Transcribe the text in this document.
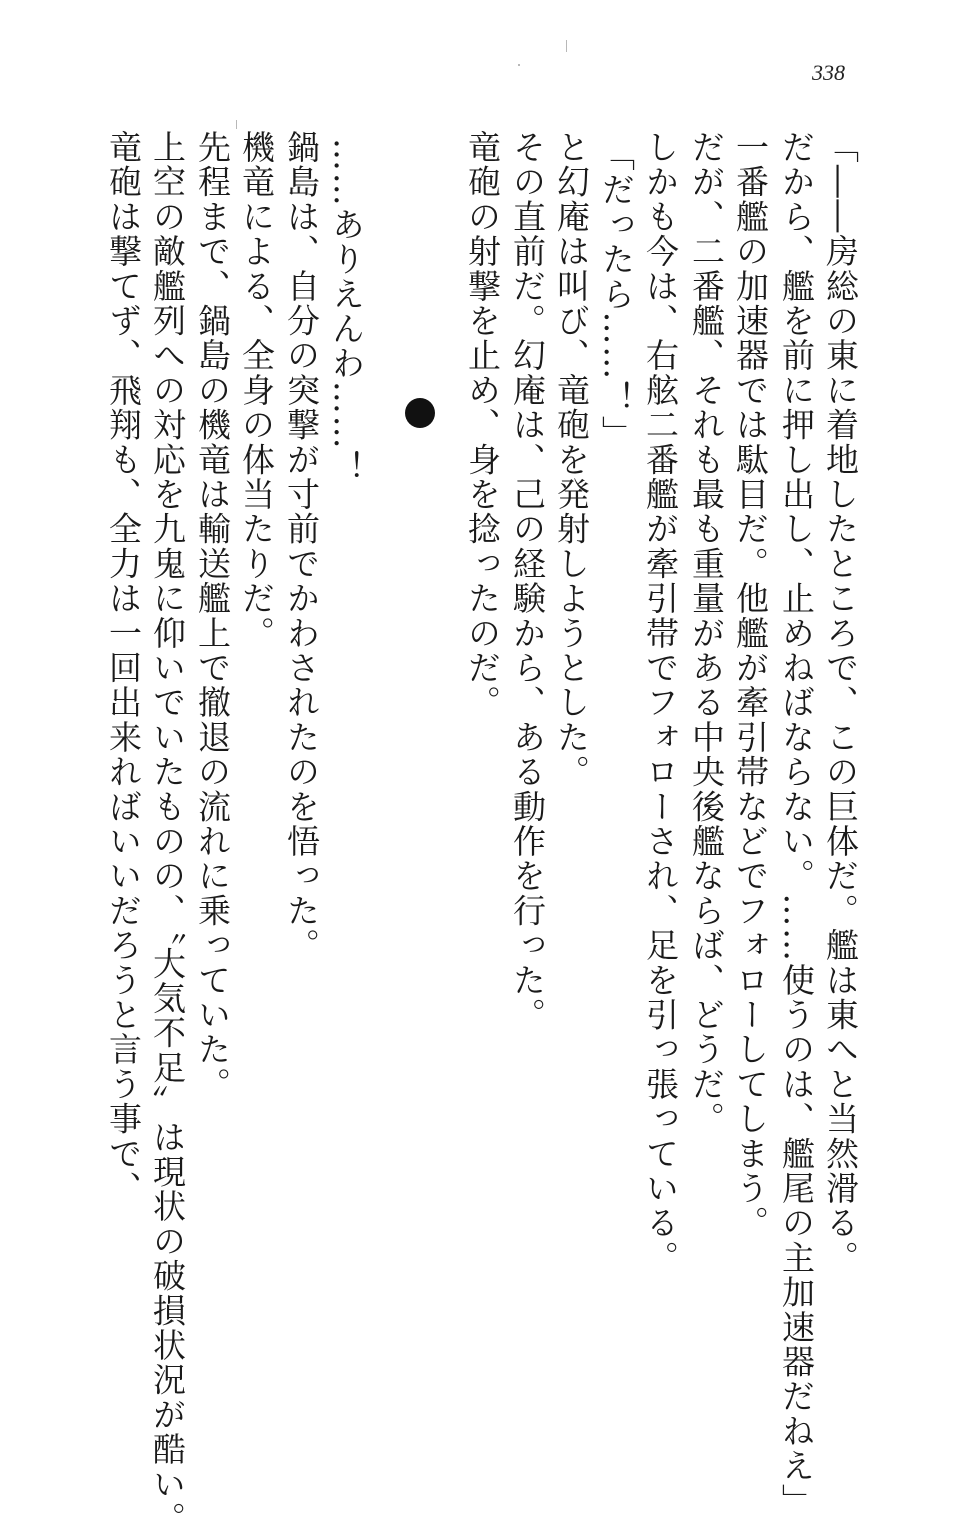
338
「――房総の東に着地したところで、この巨体だ。艦は東へと当然滑る。
だから、艦を前に押し出し、止めねばならない。……使うのは、艦尾の主加速器だねえ」
一番艦の加速器では駄目だ。他艦が牽引帯などでフォローしてしまう。
だが、二番艦、それも最も重量がある中央後艦ならば、どうだ。
しかも今は、右舷二番艦が牽引帯でフォローされ、足を引っ張っている。
「だったら……！」
と幻庵は叫び、竜砲を発射しようとした。
その直前だ。幻庵は、己の経験から、ある動作を行った。
竜砲の射撃を止め、身を捻ったのだ。
……ありえんわ……！
鍋島は、自分の突撃が寸前でかわされたのを悟った。
機竜による、全身の体当たりだ。
先程まで、鍋島の機竜は輸送艦上で撤退の流れに乗っていた。
上空の敵艦列への対応を九鬼に仰いでいたものの、〝大気不足〟は現状の破損状況が酷い。
竜砲は撃てず、飛翔も、全力は一回出来ればいいだろうと言う事で、
